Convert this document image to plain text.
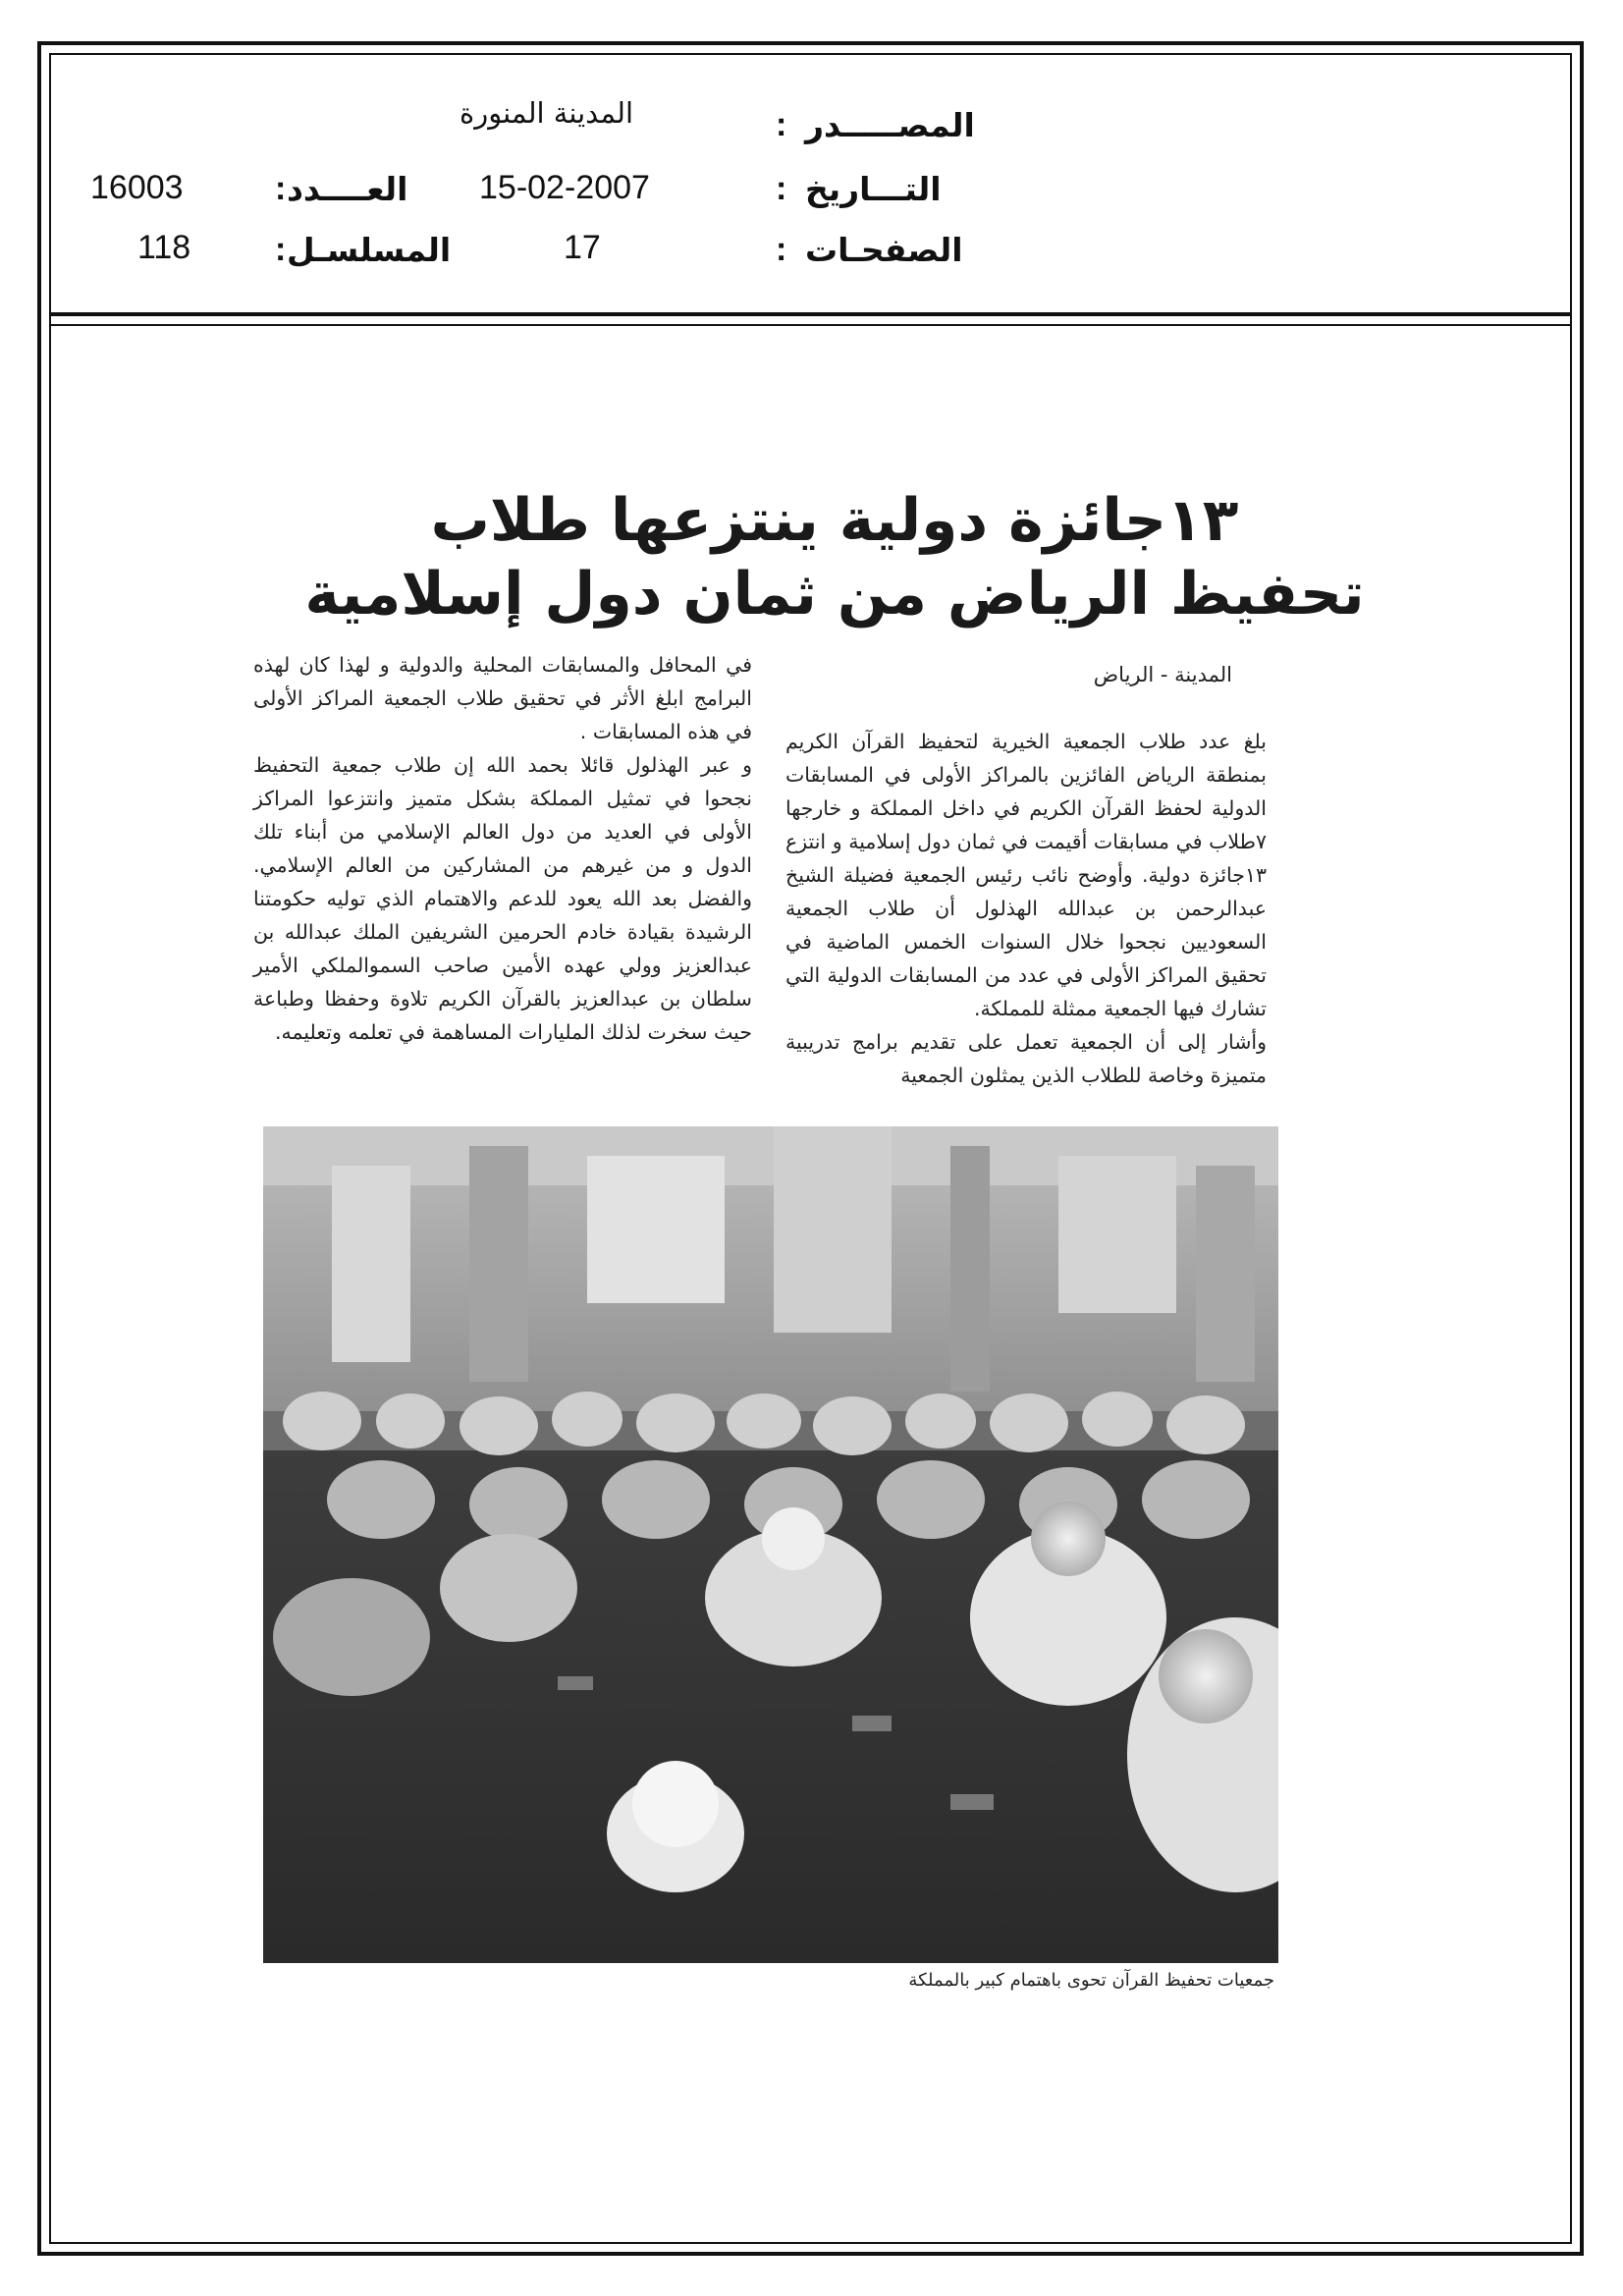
المصـــــدر
:
المدينة المنورة
التـــاريخ
:
15-02-2007
العــــدد
:
16003
الصفحـات
:
17
المسلسـل
:
118
١٣جائزة دولية ينتزعها طلاب
تحفيظ الرياض من ثمان دول إسلامية
المدينة - الرياض

بلغ عدد طلاب الجمعية الخيرية لتحفيظ القرآن الكريم بمنطقة الرياض الفائزين بالمراكز الأولى في المسابقات الدولية لحفظ القرآن الكريم في داخل المملكة و خارجها ٧طلاب في مسابقات أقيمت في ثمان دول إسلامية و انتزع ١٣جائزة دولية. وأوضح نائب رئيس الجمعية فضيلة الشيخ عبدالرحمن بن عبدالله الهذلول أن طلاب الجمعية السعوديين نجحوا خلال السنوات الخمس الماضية في تحقيق المراكز الأولى في عدد من المسابقات الدولية التي تشارك فيها الجمعية ممثلة للمملكة.

وأشار إلى أن الجمعية تعمل على تقديم برامج تدريبية متميزة وخاصة للطلاب الذين يمثلون الجمعية

في المحافل والمسابقات المحلية والدولية و لهذا كان لهذه البرامج ابلغ الأثر في تحقيق طلاب الجمعية المراكز الأولى في هذه المسابقات .

و عبر الهذلول قائلا بحمد الله إن طلاب جمعية التحفيظ نجحوا في تمثيل المملكة بشكل متميز وانتزعوا المراكز الأولى في العديد من دول العالم الإسلامي من أبناء تلك الدول و من غيرهم من المشاركين من العالم الإسلامي. والفضل بعد الله يعود للدعم والاهتمام الذي توليه حكومتنا الرشيدة بقيادة خادم الحرمين الشريفين الملك عبدالله بن عبدالعزيز وولي عهده الأمين صاحب السموالملكي الأمير سلطان بن عبدالعزيز بالقرآن الكريم تلاوة وحفظا وطباعة حيث سخرت لذلك المليارات المساهمة في تعلمه وتعليمه.

جمعيات تحفيظ القرآن تحوى باهتمام كبير بالمملكة
